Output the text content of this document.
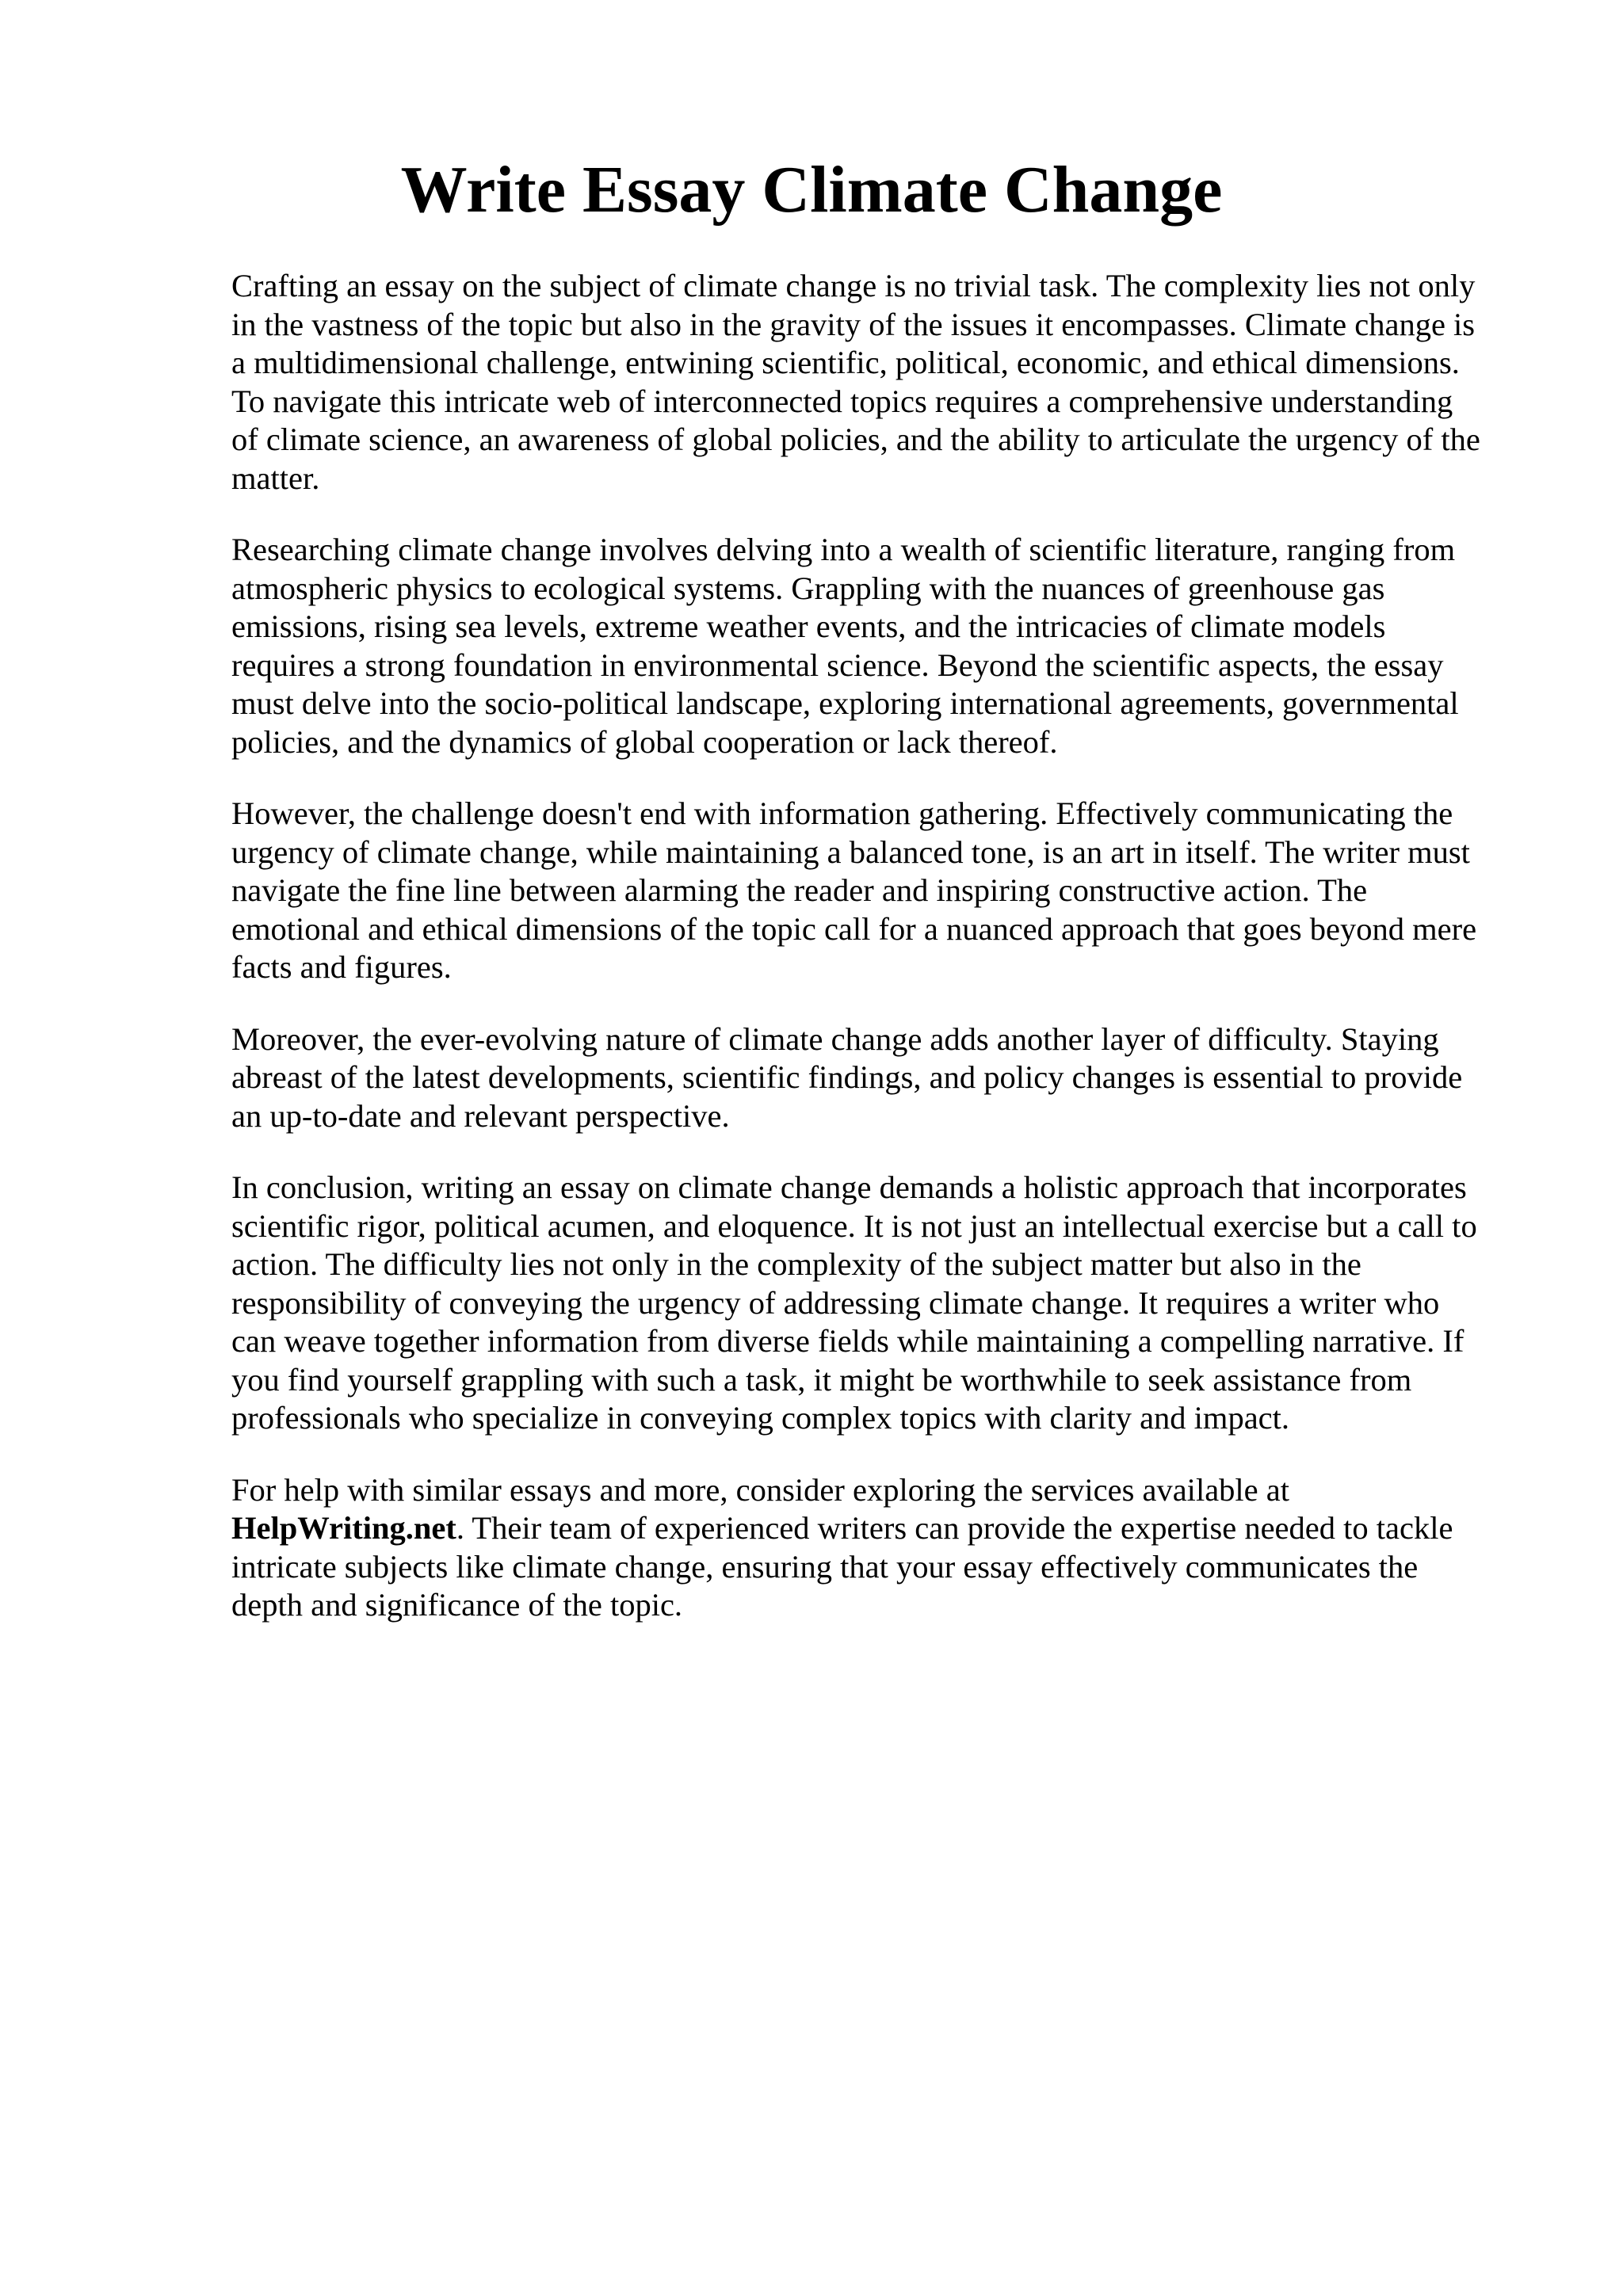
Write Essay Climate Change

Crafting an essay on the subject of climate change is no trivial task. The complexity lies not only
in the vastness of the topic but also in the gravity of the issues it encompasses. Climate change is
a multidimensional challenge, entwining scientific, political, economic, and ethical dimensions.
To navigate this intricate web of interconnected topics requires a comprehensive understanding
of climate science, an awareness of global policies, and the ability to articulate the urgency of the
matter.

Researching climate change involves delving into a wealth of scientific literature, ranging from
atmospheric physics to ecological systems. Grappling with the nuances of greenhouse gas
emissions, rising sea levels, extreme weather events, and the intricacies of climate models
requires a strong foundation in environmental science. Beyond the scientific aspects, the essay
must delve into the socio-political landscape, exploring international agreements, governmental
policies, and the dynamics of global cooperation or lack thereof.

However, the challenge doesn't end with information gathering. Effectively communicating the
urgency of climate change, while maintaining a balanced tone, is an art in itself. The writer must
navigate the fine line between alarming the reader and inspiring constructive action. The
emotional and ethical dimensions of the topic call for a nuanced approach that goes beyond mere
facts and figures.

Moreover, the ever-evolving nature of climate change adds another layer of difficulty. Staying
abreast of the latest developments, scientific findings, and policy changes is essential to provide
an up-to-date and relevant perspective.

In conclusion, writing an essay on climate change demands a holistic approach that incorporates
scientific rigor, political acumen, and eloquence. It is not just an intellectual exercise but a call to
action. The difficulty lies not only in the complexity of the subject matter but also in the
responsibility of conveying the urgency of addressing climate change. It requires a writer who
can weave together information from diverse fields while maintaining a compelling narrative. If
you find yourself grappling with such a task, it might be worthwhile to seek assistance from
professionals who specialize in conveying complex topics with clarity and impact.

For help with similar essays and more, consider exploring the services available at
HelpWriting.net. Their team of experienced writers can provide the expertise needed to tackle
intricate subjects like climate change, ensuring that your essay effectively communicates the
depth and significance of the topic.
